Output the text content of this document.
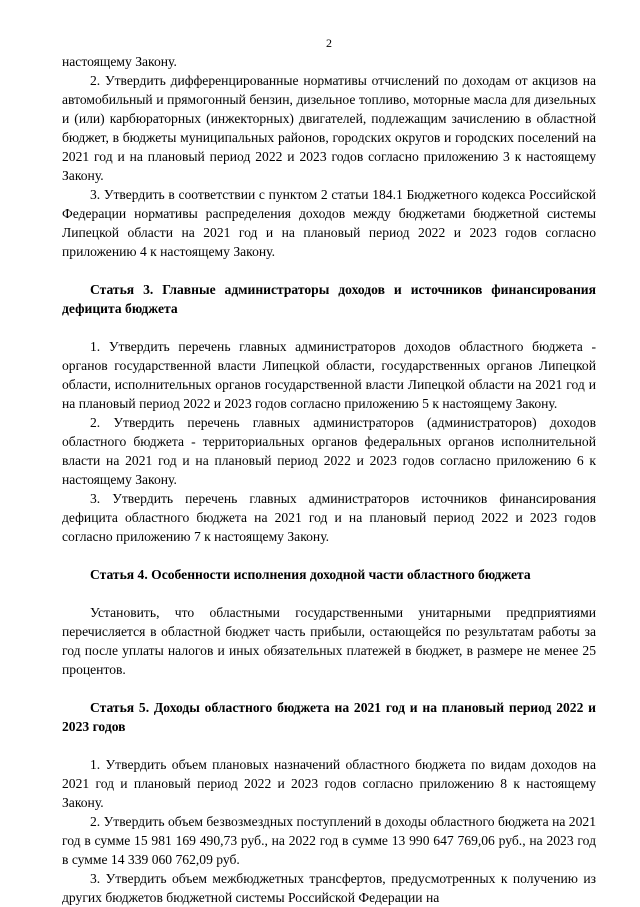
2

настоящему Закону.

2. Утвердить дифференцированные нормативы отчислений по доходам от акцизов на автомобильный и прямогонный бензин, дизельное топливо, моторные масла для дизельных и (или) карбюраторных (инжекторных) двигателей, подлежащим зачислению в областной бюджет, в бюджеты муниципальных районов, городских округов и городских поселений на 2021 год и на плановый период 2022 и 2023 годов согласно приложению 3 к настоящему Закону.

3. Утвердить в соответствии с пунктом 2 статьи 184.1 Бюджетного кодекса Российской Федерации нормативы распределения доходов между бюджетами бюджетной системы Липецкой области на 2021 год и на плановый период 2022 и 2023 годов согласно приложению 4 к настоящему Закону.

Статья 3. Главные администраторы доходов и источников финансирования дефицита бюджета

1. Утвердить перечень главных администраторов доходов областного бюджета - органов государственной власти Липецкой области, государственных органов Липецкой области, исполнительных органов государственной власти Липецкой области на 2021 год и на плановый период 2022 и 2023 годов согласно приложению 5 к настоящему Закону.

2. Утвердить перечень главных администраторов (администраторов) доходов областного бюджета - территориальных органов федеральных органов исполнительной власти на 2021 год и на плановый период 2022 и 2023 годов согласно приложению 6 к настоящему Закону.

3. Утвердить перечень главных администраторов источников финансирования дефицита областного бюджета на 2021 год и на плановый период 2022 и 2023 годов согласно приложению 7 к настоящему Закону.

Статья 4. Особенности исполнения доходной части областного бюджета

Установить, что областными государственными унитарными предприятиями перечисляется в областной бюджет часть прибыли, остающейся по результатам работы за год после уплаты налогов и иных обязательных платежей в бюджет, в размере не менее 25 процентов.

Статья 5. Доходы областного бюджета на 2021 год и на плановый период 2022 и 2023 годов

1. Утвердить объем плановых назначений областного бюджета по видам доходов на 2021 год и плановый период 2022 и 2023 годов согласно приложению 8 к настоящему Закону.

2. Утвердить объем безвозмездных поступлений в доходы областного бюджета на 2021 год в сумме 15 981 169 490,73 руб., на 2022 год в сумме 13 990 647 769,06 руб., на 2023 год в сумме 14 339 060 762,09 руб.

3. Утвердить объем межбюджетных трансфертов, предусмотренных к получению из других бюджетов бюджетной системы Российской Федерации на
